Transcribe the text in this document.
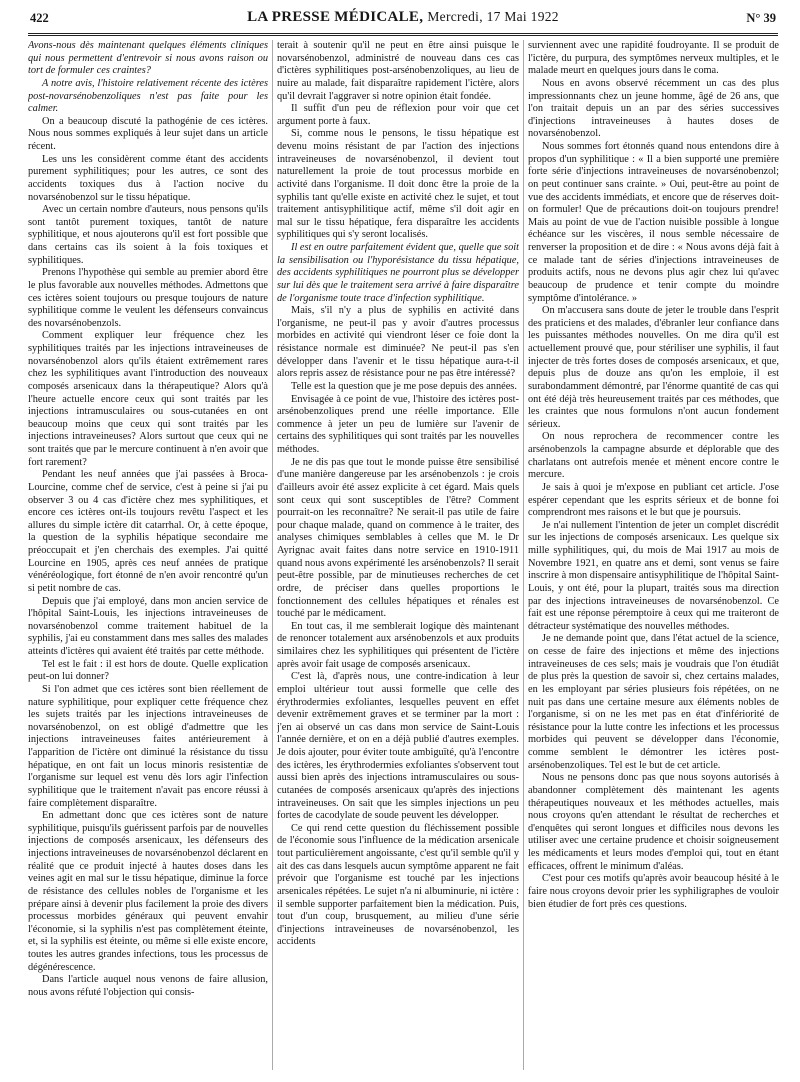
422	LA PRESSE MÉDICALE, Mercredi, 17 Mai 1922	N° 39

Avons-nous dès maintenant quelques éléments cliniques qui nous permettent d'entrevoir si nous avons raison ou tort de formuler ces craintes?

A notre avis, l'histoire relativement récente des ictères post-novarsénobenzoliques n'est pas faite pour les calmer.

On a beaucoup discuté la pathogénie de ces ictères. Nous nous sommes expliqués à leur sujet dans un article récent.

Les uns les considèrent comme étant des accidents purement syphilitiques; pour les autres, ce sont des accidents toxiques dus à l'action nocive du novarsénobenzol sur le tissu hépatique.

Avec un certain nombre d'auteurs, nous pensons qu'ils sont tantôt purement toxiques, tantôt de nature syphilitique, et nous ajouterons qu'il est fort possible que dans certains cas ils soient à la fois toxiques et syphilitiques.

Prenons l'hypothèse qui semble au premier abord être le plus favorable aux nouvelles méthodes. Admettons que ces ictères soient toujours ou presque toujours de nature syphilitique comme le veulent les défenseurs convaincus des novarsénobenzols.

Comment expliquer leur fréquence chez les syphilitiques traités par les injections intraveineuses de novarsénobenzol alors qu'ils étaient extrêmement rares chez les syphilitiques avant l'introduction des nouveaux composés arsenicaux dans la thérapeutique? Alors qu'à l'heure actuelle encore ceux qui sont traités par les injections intramusculaires ou sous-cutanées en ont beaucoup moins que ceux qui sont traités par les injections intraveineuses? Alors surtout que ceux qui ne sont traités que par le mercure continuent à n'en avoir que fort rarement?

Pendant les neuf années que j'ai passées à Broca-Lourcine, comme chef de service, c'est à peine si j'ai pu observer 3 ou 4 cas d'ictère chez mes syphilitiques, et encore ces ictères ont-ils toujours revêtu l'aspect et les allures du simple ictère dit catarrhal. Or, à cette époque, la question de la syphilis hépatique secondaire me préoccupait et j'en cherchais des exemples. J'ai quitté Lourcine en 1905, après ces neuf années de pratique vénéréologique, fort étonné de n'en avoir rencontré qu'un si petit nombre de cas.

Depuis que j'ai employé, dans mon ancien service de l'hôpital Saint-Louis, les injections intraveineuses de novarsénobenzol comme traitement habituel de la syphilis, j'ai eu constamment dans mes salles des malades atteints d'ictères qui avaient été traités par cette méthode.

Tel est le fait : il est hors de doute. Quelle explication peut-on lui donner?

Si l'on admet que ces ictères sont bien réellement de nature syphilitique, pour expliquer cette fréquence chez les sujets traités par les injections intraveineuses de novarsénobenzol, on est obligé d'admettre que les injections intraveineuses faites antérieurement à l'apparition de l'ictère ont diminué la résistance du tissu hépatique, en ont fait un locus minoris resistentiæ de l'organisme sur lequel est venu dès lors agir l'infection syphilitique que le traitement n'avait pas encore réussi à faire complètement disparaître.

En admettant donc que ces ictères sont de nature syphilitique, puisqu'ils guérissent parfois par de nouvelles injections de composés arsenicaux, les défenseurs des injections intraveineuses de novarsénobenzol déclarent en réalité que ce produit injecté à hautes doses dans les veines agit en mal sur le tissu hépatique, diminue la force de résistance des cellules nobles de l'organisme et les prépare ainsi à devenir plus facilement la proie des divers processus morbides généraux qui peuvent envahir l'économie, si la syphilis n'est pas complètement éteinte, et, si la syphilis est éteinte, ou même si elle existe encore, toutes les autres grandes infections, tous les processus de dégénérescence.

Dans l'article auquel nous venons de faire allusion, nous avons réfuté l'objection qui consis-

terait à soutenir qu'il ne peut en être ainsi puisque le novarsénobenzol, administré de nouveau dans ces cas d'ictères syphilitiques post-arsénobenzoliques, au lieu de nuire au malade, fait disparaître rapidement l'ictère, alors qu'il devrait l'aggraver si notre opinion était fondée.

Il suffit d'un peu de réflexion pour voir que cet argument porte à faux.

Si, comme nous le pensons, le tissu hépatique est devenu moins résistant de par l'action des injections intraveineuses de novarsénobenzol, il devient tout naturellement la proie de tout processus morbide en activité dans l'organisme. Il doit donc être la proie de la syphilis tant qu'elle existe en activité chez le sujet, et tout traitement antisyphilitique actif, même s'il doit agir en mal sur le tissu hépatique, fera disparaître les accidents syphilitiques qui s'y seront localisés.

Il est en outre parfaitement évident que, quelle que soit la sensibilisation ou l'hyporésistance du tissu hépatique, des accidents syphilitiques ne pourront plus se développer sur lui dès que le traitement sera arrivé à faire disparaître de l'organisme toute trace d'infection syphilitique.

Mais, s'il n'y a plus de syphilis en activité dans l'organisme, ne peut-il pas y avoir d'autres processus morbides en activité qui viendront léser ce foie dont la résistance normale est diminuée? Ne peut-il pas s'en développer dans l'avenir et le tissu hépatique aura-t-il alors repris assez de résistance pour ne pas être intéressé?

Telle est la question que je me pose depuis des années.

Envisagée à ce point de vue, l'histoire des ictères post-arsénobenzoliques prend une réelle importance. Elle commence à jeter un peu de lumière sur l'avenir de certains des syphilitiques qui sont traités par les nouvelles méthodes.

Je ne dis pas que tout le monde puisse être sensibilisé d'une manière dangereuse par les arsénobenzols : je crois d'ailleurs avoir été assez explicite à cet égard. Mais quels sont ceux qui sont susceptibles de l'être? Comment pourrait-on les reconnaître? Ne serait-il pas utile de faire pour chaque malade, quand on commence à le traiter, des analyses chimiques semblables à celles que M. le Dr Ayrignac avait faites dans notre service en 1910-1911 quand nous avons expérimenté les arsénobenzols? Il serait peut-être possible, par de minutieuses recherches de cet ordre, de préciser dans quelles proportions le fonctionnement des cellules hépatiques et rénales est touché par le médicament.

En tout cas, il me semblerait logique dès maintenant de renoncer totalement aux arsénobenzols et aux produits similaires chez les syphilitiques qui présentent de l'ictère après avoir fait usage de composés arsenicaux.

C'est là, d'après nous, une contre-indication à leur emploi ultérieur tout aussi formelle que celle des érythrodermies exfoliantes, lesquelles peuvent en effet devenir extrêmement graves et se terminer par la mort : j'en ai observé un cas dans mon service de Saint-Louis l'année dernière, et on en a déjà publié d'autres exemples. Je dois ajouter, pour éviter toute ambiguïté, qu'à l'encontre des ictères, les érythrodermies exfoliantes s'observent tout aussi bien après des injections intramusculaires ou sous-cutanées de composés arsenicaux qu'après des injections intraveineuses. On sait que les simples injections un peu fortes de cacodylate de soude peuvent les développer.

Ce qui rend cette question du fléchissement possible de l'économie sous l'influence de la médication arsenicale tout particulièrement angoissante, c'est qu'il semble qu'il y ait des cas dans lesquels aucun symptôme apparent ne fait prévoir que l'organisme est touché par les injections arsenicales répétées. Le sujet n'a ni albuminurie, ni ictère : il semble supporter parfaitement bien la médication. Puis, tout d'un coup, brusquement, au milieu d'une série d'injections intraveineuses de novarsénobenzol, les accidents

surviennent avec une rapidité foudroyante. Il se produit de l'ictère, du purpura, des symptômes nerveux multiples, et le malade meurt en quelques jours dans le coma.

Nous en avons observé récemment un cas des plus impressionnants chez un jeune homme, âgé de 26 ans, que l'on traitait depuis un an par des séries successives d'injections intraveineuses à hautes doses de novarsénobenzol.

Nous sommes fort étonnés quand nous entendons dire à propos d'un syphilitique : « Il a bien supporté une première forte série d'injections intraveineuses de novarsénobenzol; on peut continuer sans crainte. » Oui, peut-être au point de vue des accidents immédiats, et encore que de réserves doit-on formuler! Que de précautions doit-on toujours prendre! Mais au point de vue de l'action nuisible possible à longue échéance sur les viscères, il nous semble nécessaire de renverser la proposition et de dire : « Nous avons déjà fait à ce malade tant de séries d'injections intraveineuses de produits actifs, nous ne devons plus agir chez lui qu'avec beaucoup de prudence et tenir compte du moindre symptôme d'intolérance. »

On m'accusera sans doute de jeter le trouble dans l'esprit des praticiens et des malades, d'ébranler leur confiance dans les puissantes méthodes nouvelles. On me dira qu'il est actuellement prouvé que, pour stériliser une syphilis, il faut injecter de très fortes doses de composés arsenicaux, et que, depuis plus de douze ans qu'on les emploie, il est surabondamment démontré, par l'énorme quantité de cas qui ont été déjà très heureusement traités par ces méthodes, que les craintes que nous formulons n'ont aucun fondement sérieux.

On nous reprochera de recommencer contre les arsénobenzols la campagne absurde et déplorable que des charlatans ont autrefois menée et mènent encore contre le mercure.

Je sais à quoi je m'expose en publiant cet article. J'ose espérer cependant que les esprits sérieux et de bonne foi comprendront mes raisons et le but que je poursuis.

Je n'ai nullement l'intention de jeter un complet discrédit sur les injections de composés arsenicaux. Les quelque six mille syphilitiques, qui, du mois de Mai 1917 au mois de Novembre 1921, en quatre ans et demi, sont venus se faire inscrire à mon dispensaire antisyphilitique de l'hôpital Saint-Louis, y ont été, pour la plupart, traités sous ma direction par des injections intraveineuses de novarsénobenzol. Ce fait est une réponse péremptoire à ceux qui me traiteront de détracteur systématique des nouvelles méthodes.

Je ne demande point que, dans l'état actuel de la science, on cesse de faire des injections et même des injections intraveineuses de ces sels; mais je voudrais que l'on étudiât de plus près la question de savoir si, chez certains malades, en les employant par séries plusieurs fois répétées, on ne nuit pas dans une certaine mesure aux éléments nobles de l'organisme, si on ne les met pas en état d'infériorité de résistance pour la lutte contre les infections et les processus morbides qui peuvent se développer dans l'économie, comme semblent le démontrer les ictères post-arsénobenzoliques. Tel est le but de cet article.

Nous ne pensons donc pas que nous soyons autorisés à abandonner complètement dès maintenant les agents thérapeutiques nouveaux et les méthodes actuelles, mais nous croyons qu'en attendant le résultat de recherches et d'enquêtes qui seront longues et difficiles nous devons les utiliser avec une certaine prudence et choisir soigneusement les médicaments et leurs modes d'emploi qui, tout en étant efficaces, offrent le minimum d'aléas.

C'est pour ces motifs qu'après avoir beaucoup hésité à le faire nous croyons devoir prier les syphiligraphes de vouloir bien étudier de fort près ces questions.
